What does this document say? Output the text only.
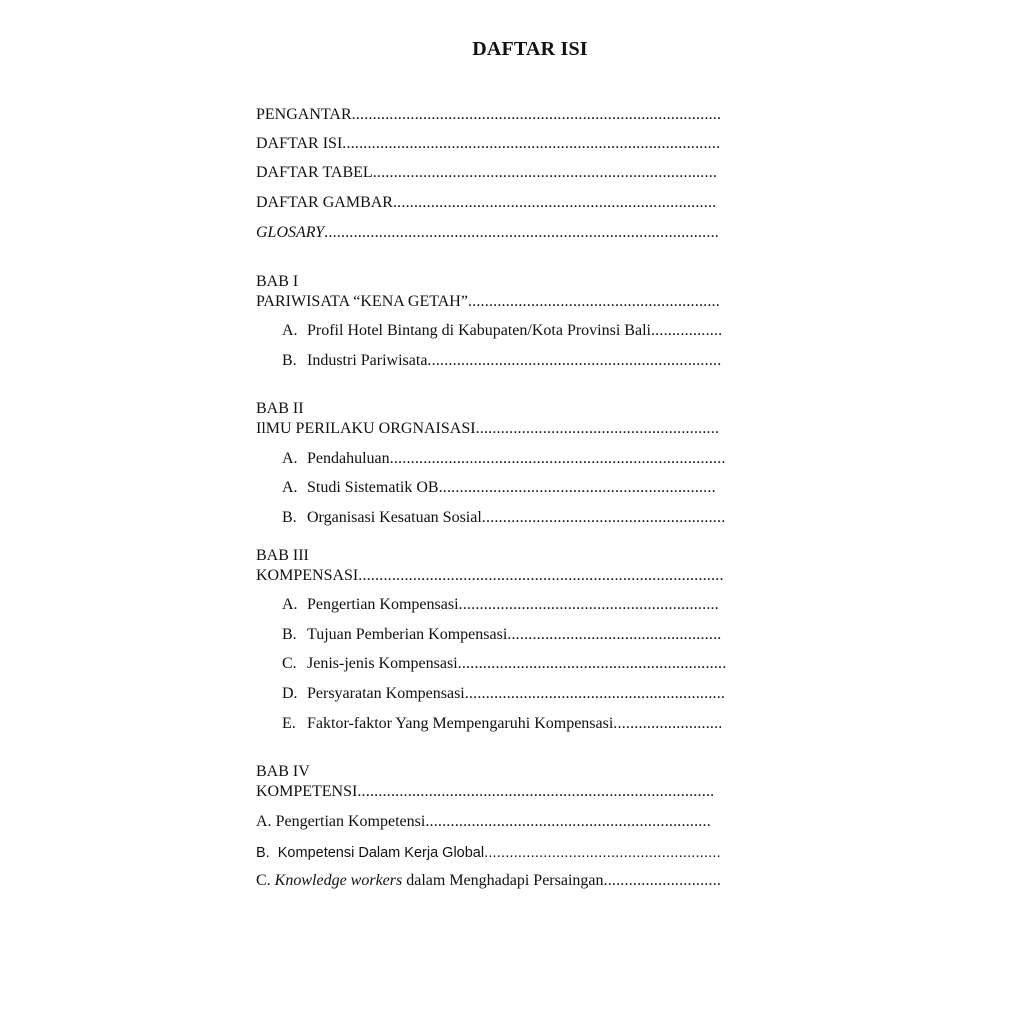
DAFTAR ISI
PENGANTAR........................................................................................
DAFTAR ISI..........................................................................................
DAFTAR TABEL..................................................................................
DAFTAR GAMBAR.............................................................................
GLOSARY..............................................................................................
BAB I
PARIWISATA “KENA GETAH”............................................................
A. Profil Hotel Bintang di Kabupaten/Kota Provinsi Bali.................
B. Industri Pariwisata......................................................................
BAB II
IlMU PERILAKU ORGNAISASI..........................................................
A. Pendahuluan................................................................................
A. Studi Sistematik OB..................................................................
B. Organisasi Kesatuan Sosial..........................................................
BAB III
KOMPENSASI.......................................................................................
A. Pengertian Kompensasi..............................................................
B. Tujuan Pemberian Kompensasi...................................................
C. Jenis-jenis Kompensasi................................................................
D. Persyaratan Kompensasi..............................................................
E. Faktor-faktor Yang Mempengaruhi Kompensasi..........................
BAB IV
KOMPETENSI.....................................................................................
A. Pengertian Kompetensi....................................................................
B. Kompetensi Dalam Kerja Global........................................................
C. Knowledge workers dalam Menghadapi Persaingan............................
